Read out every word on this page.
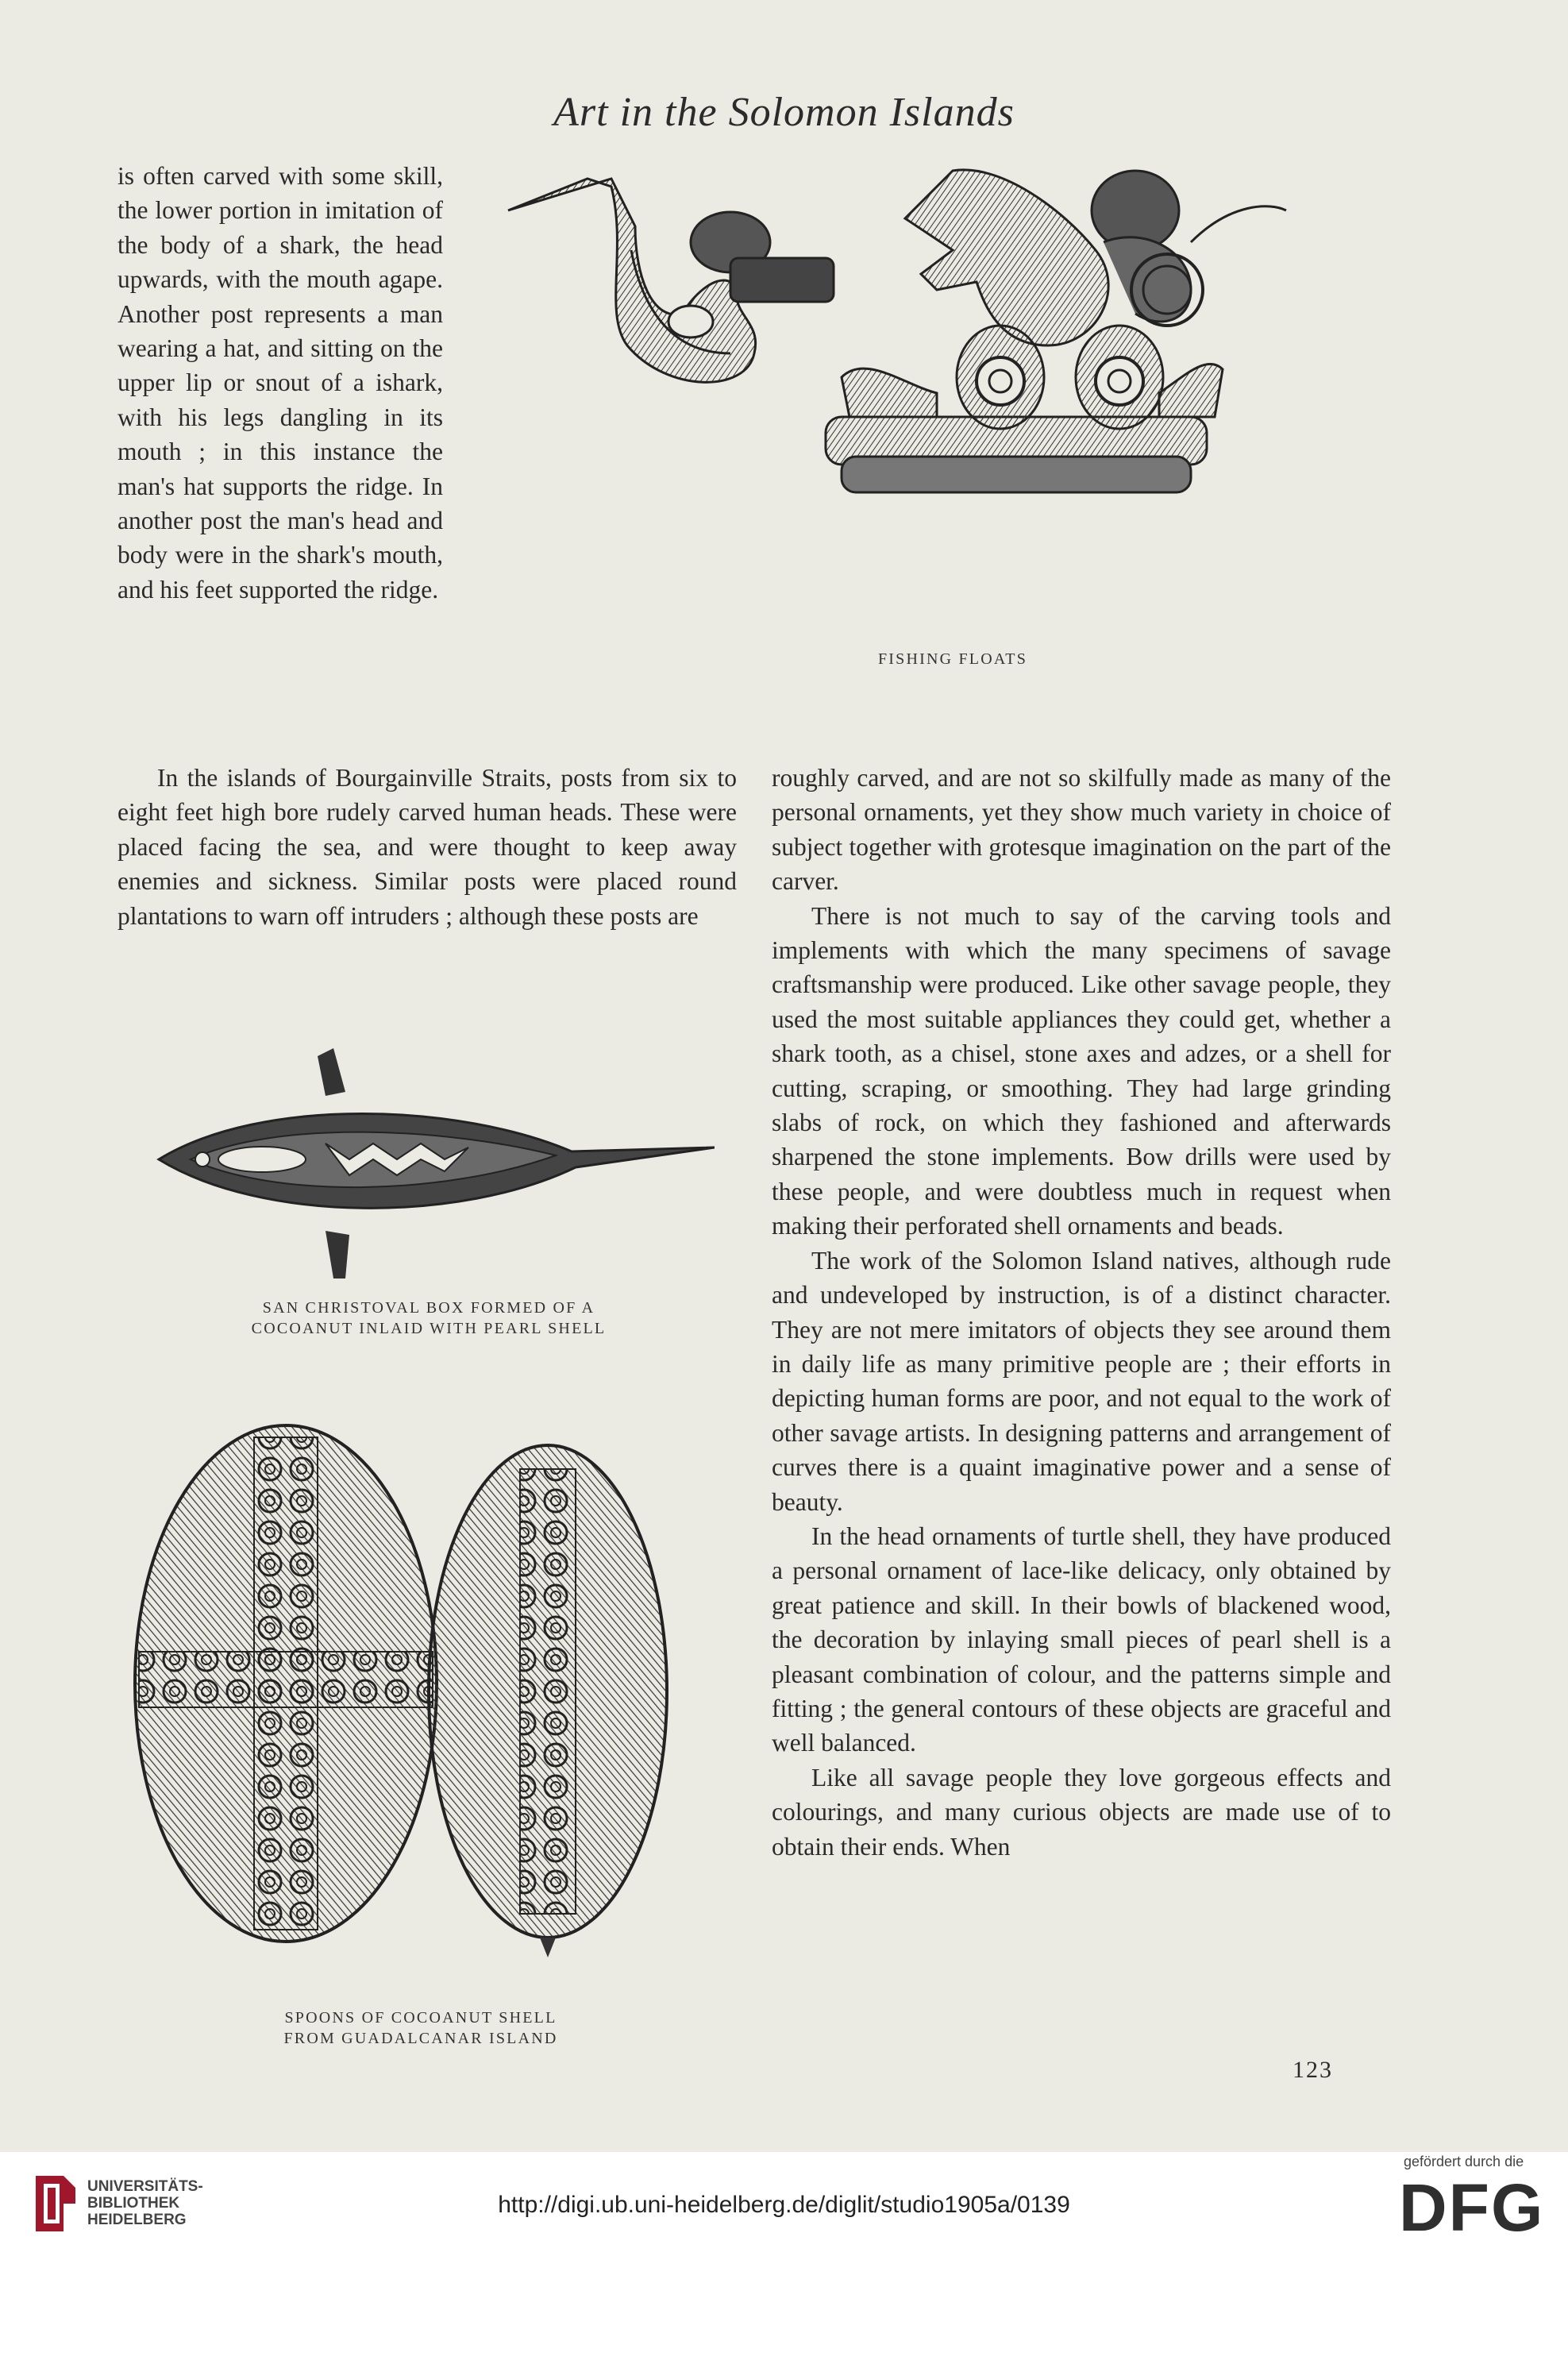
Art in the Solomon Islands

is often carved with some skill, the lower portion in imitation of the body of a shark, the head upwards, with the mouth agape. Another post represents a man wearing a hat, and sitting on the upper lip or snout of a ishark, with his legs dangling in its mouth ; in this instance the man's hat supports the ridge. In another post the man's head and body were in the shark's mouth, and his feet supported the ridge.

In the islands of Bourgainville Straits, posts from six to eight feet high bore rudely carved human heads. These were placed facing the sea, and were thought to keep away enemies and sickness. Similar posts were placed round plantations to warn off intruders ; although these posts are

roughly carved, and are not so skilfully made as many of the personal ornaments, yet they show much variety in choice of subject together with grotesque imagination on the part of the carver.

There is not much to say of the carving tools and implements with which the many specimens of savage craftsmanship were produced. Like other savage people, they used the most suitable appliances they could get, whether a shark tooth, as a chisel, stone axes and adzes, or a shell for cutting, scraping, or smoothing. They had large grinding slabs of rock, on which they fashioned and afterwards sharpened the stone implements. Bow drills were used by these people, and were doubtless much in request when making their perforated shell ornaments and beads.

The work of the Solomon Island natives, although rude and undeveloped by instruction, is of a distinct character. They are not mere imitators of objects they see around them in daily life as many primitive people are ; their efforts in depicting human forms are poor, and not equal to the work of other savage artists. In designing patterns and arrangement of curves there is a quaint imaginative power and a sense of beauty.

In the head ornaments of turtle shell, they have produced a personal ornament of lace-like delicacy, only obtained by great patience and skill. In their bowls of blackened wood, the decoration by inlaying small pieces of pearl shell is a pleasant combination of colour, and the patterns simple and fitting ; the general contours of these objects are graceful and well balanced.

Like all savage people they love gorgeous effects and colourings, and many curious objects are made use of to obtain their ends. When

FISHING FLOATS
SAN CHRISTOVAL BOX FORMED OF A
COCOANUT INLAID WITH PEARL SHELL
SPOONS OF COCOANUT SHELL
FROM GUADALCANAR ISLAND
123
UNIVERSITÄTS-
BIBLIOTHEK
HEIDELBERG
http://digi.ub.uni-heidelberg.de/diglit/studio1905a/0139
gefördert durch die
DFG
